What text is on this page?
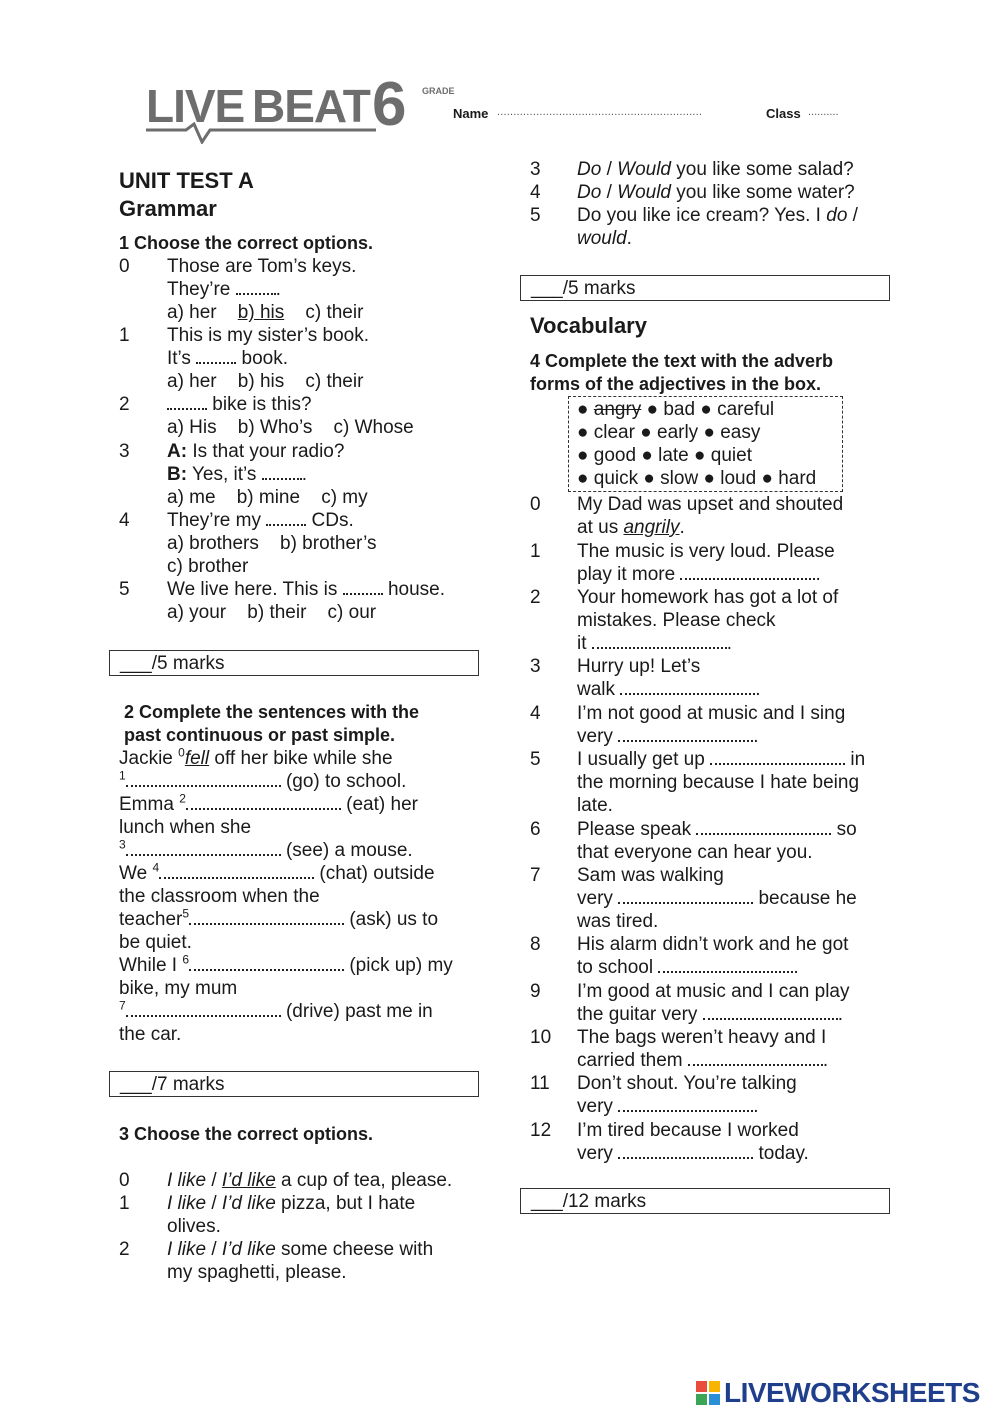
LIVE BEAT 6 GRADE
Name ...............................................................	Class ..........
UNIT TEST A
Grammar
1 Choose the correct options.
0 Those are Tom’s keys.
They’re .
a) her b) his c) their
1 This is my sister’s book.
It’s	book.
a) her b) his c) their
2	bike is this?
a) His b) Who’s c) Whose
3 A: Is that your radio?
B: Yes, it’s .
a) me b) mine c) my
4 They’re my	CDs.
a) brothers b) brother’s
c) brother
5 We live here. This is	house.
a) your b) their c) our
___/5 marks
2 Complete the sentences with the
past continuous or past simple.
Jackie $^0$fell off her bike while she
$^1$	(go) to school.
Emma $^2$	(eat) her
lunch when she
$^3$	(see) a mouse.
We $^4$	(chat) outside
the classroom when the
teacher$^5$	(ask) us to
be quiet.
While I $^6$	(pick up) my
bike, my mum
$^7$	(drive) past me in
the car.
___/7 marks
3 Choose the correct options.
0 I like / I’d like a cup of tea, please.
1 I like / I’d like pizza, but I hate
olives.
2 I like / I’d like some cheese with
my spaghetti, please.
3 Do / Would you like some salad?
4 Do / Would you like some water?
5 Do you like ice cream? Yes. I do /
would.
___/5 marks
Vocabulary
4 Complete the text with the adverb
forms of the adjectives in the box.
● angry ● bad ● careful
● clear ● early ● easy
● good ● late ● quiet
● quick ● slow ● loud ● hard
0 My Dad was upset and shouted
at us angrily.
1 The music is very loud. Please
play it more	.
2 Your homework has got a lot of
mistakes. Please check
it	.
3 Hurry up! Let’s
walk	.
4 I’m not good at music and I sing
very	.
5 I usually get up	in
the morning because I hate being
late.
6 Please speak	so
that everyone can hear you.
7 Sam was walking
very	because he
was tired.
8 His alarm didn’t work and he got
to school	.
9 I’m good at music and I can play
the guitar very	.
10 The bags weren’t heavy and I
carried them	.
11 Don’t shout. You’re talking
very	.
12 I’m tired because I worked
very	today.
___/12 marks
LIVEWORKSHEETS
